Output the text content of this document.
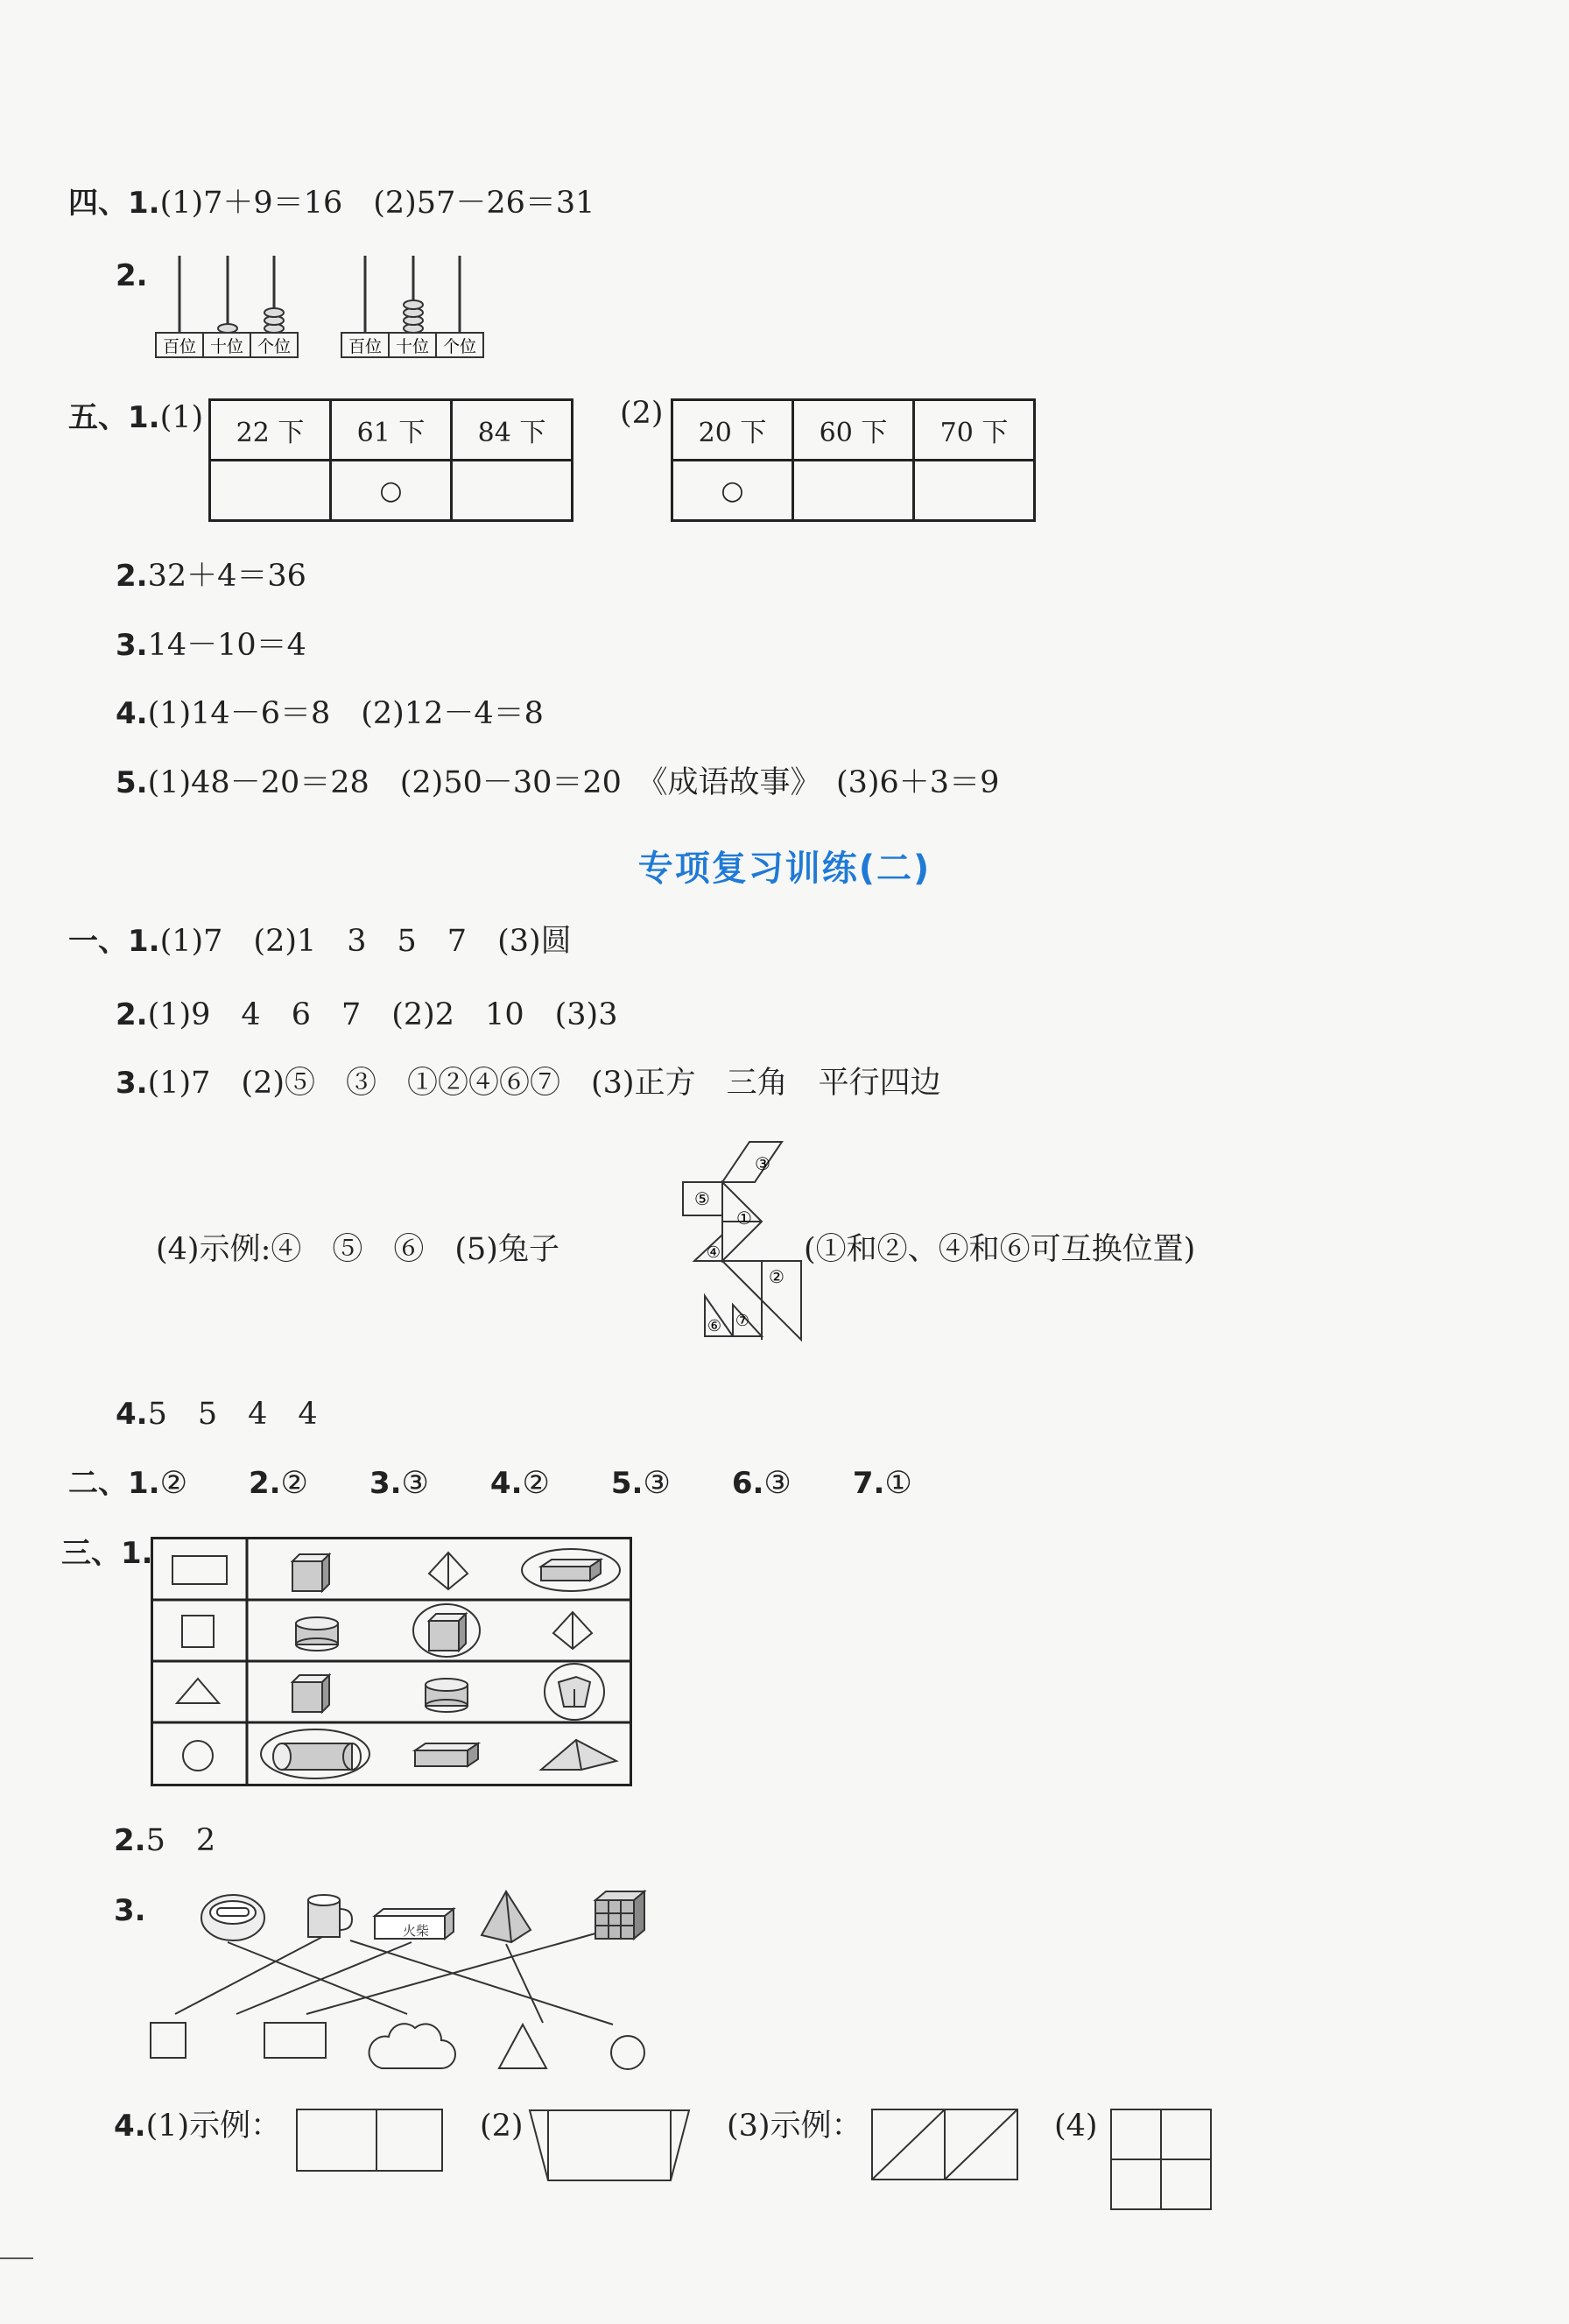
四、1.(1)7＋9＝16　(2)57－26＝31
2.
百位 十位 个位	百位 十位 个位
五、1.(1) 22 下	61 下	84 下
	○	
(2)
20 下	60 下	70 下
○		
2.32＋4＝36
3.14－10＝4
4.(1)14－6＝8　(2)12－4＝8
5.(1)48－20＝28　(2)50－30＝20　《成语故事》　(3)6＋3＝9
专项复习训练(二)
一、1.(1)7　(2)1　3　5　7　(3)圆
2.(1)9　4　6　7　(2)2　10　(3)3
3.(1)7　(2)⑤　③　①②④⑥⑦　(3)正方　三角　平行四边
(4)示例:④　⑤　⑥　(5)兔子
③
⑤
①
④
②
⑥ ⑦
(①和②、④和⑥可互换位置)
4.5　5　4　4
二、1.② 2.② 3.③ 4.② 5.③ 6.③ 7.①
三、1.
2.5　2
3.
火柴
4.(1)示例：	(2)	(3)示例：	(4)
